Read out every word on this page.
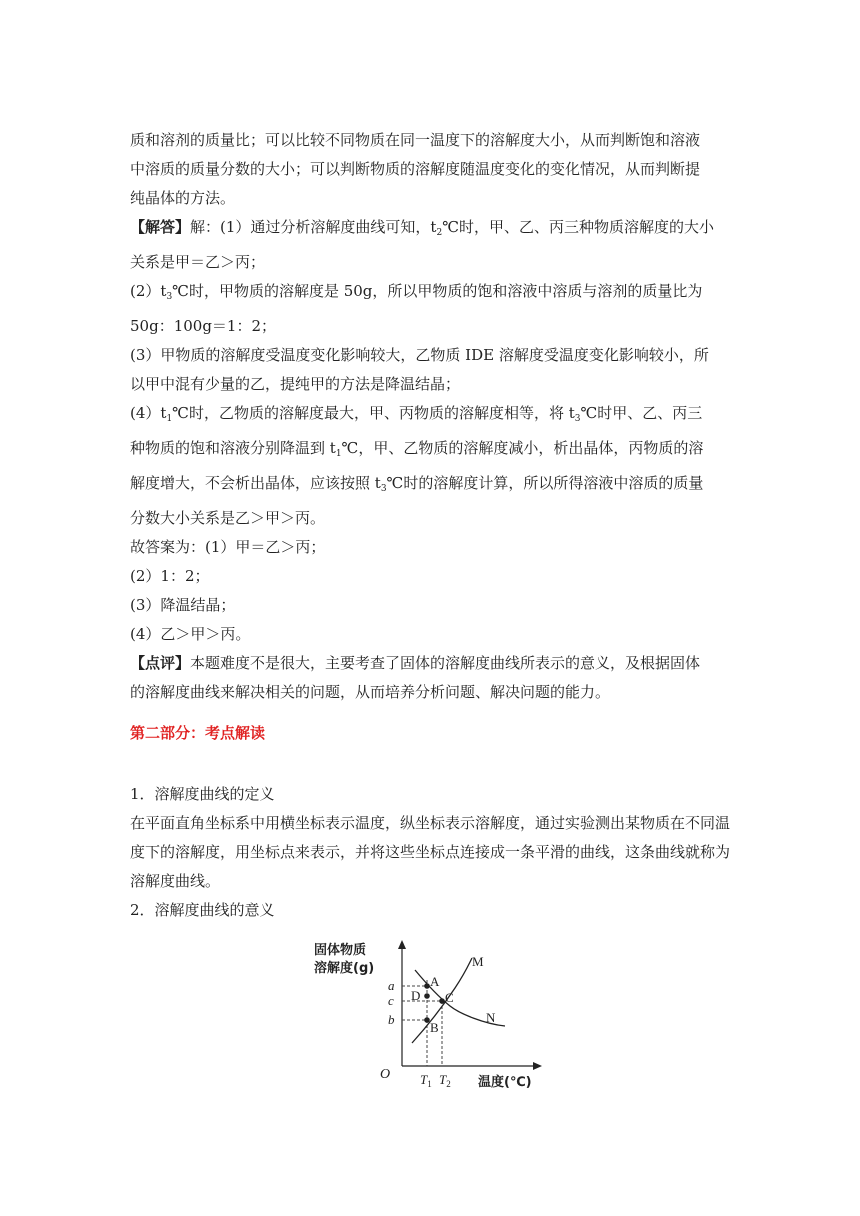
质和溶剂的质量比；可以比较不同物质在同一温度下的溶解度大小，从而判断饱和溶液
中溶质的质量分数的大小；可以判断物质的溶解度随温度变化的变化情况，从而判断提
纯晶体的方法。
【解答】解：(1）通过分析溶解度曲线可知，$t_2℃$时，甲、乙、丙三种物质溶解度的大小
关系是甲＝乙＞丙；
$(2)t_3℃$时，甲物质的溶解度是 50g，所以甲物质的饱和溶液中溶质与溶剂的质量比为
50g：100g＝1：2；
(3）甲物质的溶解度受温度变化影响较大，乙物质 IDE 溶解度受温度变化影响较小，所
以甲中混有少量的乙，提纯甲的方法是降温结晶；
$(4)t_1℃$时，乙物质的溶解度最大，甲、丙物质的溶解度相等，将 $t_3℃$时甲、乙、丙三
种物质的饱和溶液分别降温到 $t_1℃$，甲、乙物质的溶解度减小，析出晶体，丙物质的溶
解度增大，不会析出晶体，应该按照 $t_3℃$时的溶解度计算，所以所得溶液中溶质的质量
分数大小关系是乙＞甲＞丙。
故答案为：(1）甲＝乙＞丙；
(2）1：2；
(3）降温结晶；
(4）乙＞甲＞丙。
【点评】本题难度不是很大，主要考查了固体的溶解度曲线所表示的意义，及根据固体
的溶解度曲线来解决相关的问题，从而培养分析问题、解决问题的能力。
第二部分：考点解读
1．溶解度曲线的定义
在平面直角坐标系中用横坐标表示温度，纵坐标表示溶解度，通过实验测出某物质在不同温
度下的溶解度，用坐标点来表示，并将这些坐标点连接成一条平滑的曲线，这条曲线就称为
溶解度曲线。
2．溶解度曲线的意义
固体物质
溶解度(g)
A
C
B
D
M
N
a
c
b
O $T_1$ $T_2$ 温度(℃)
